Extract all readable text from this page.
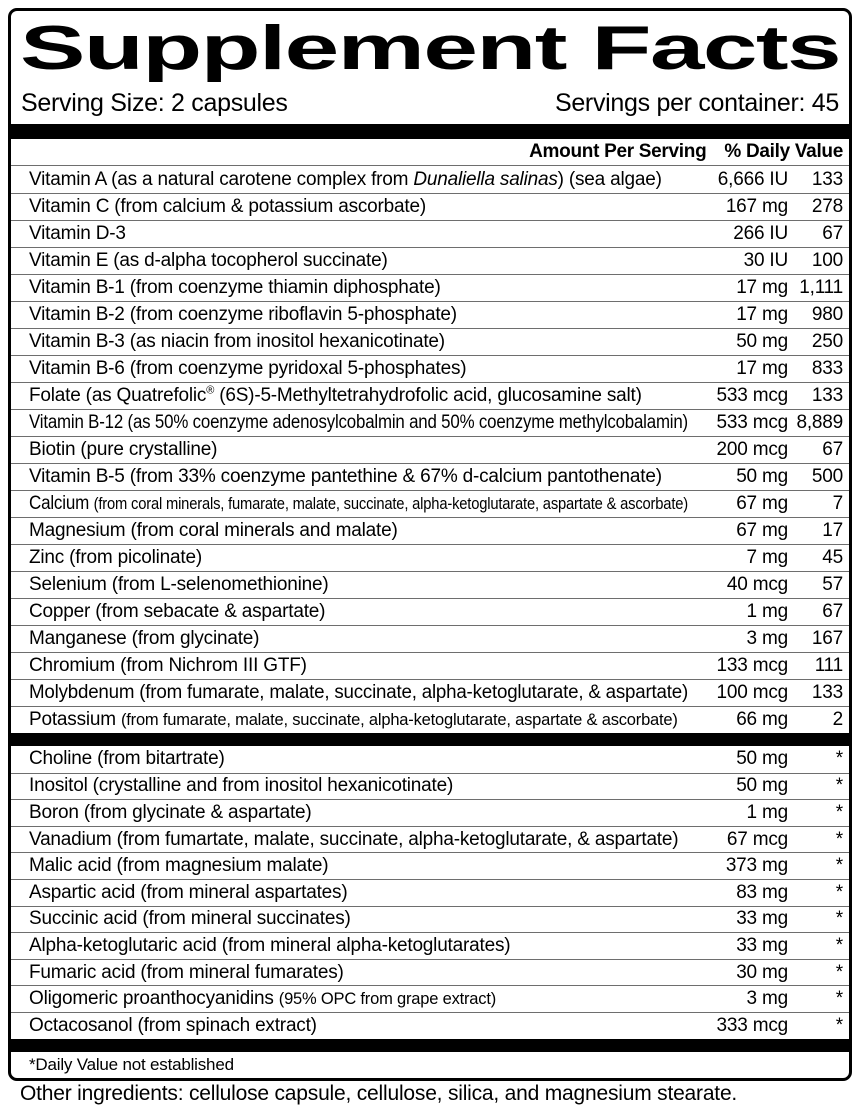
Supplement Facts
Serving Size: 2 capsules	Servings per container: 45
Amount Per Serving % Daily Value
Vitamin A (as a natural carotene complex from Dunaliella salinas) (sea algae)	6,666 IU	133
Vitamin C (from calcium & potassium ascorbate)	167 mg	278
Vitamin D-3	266 IU	67
Vitamin E (as d-alpha tocopherol succinate)	30 IU	100
Vitamin B-1 (from coenzyme thiamin diphosphate)	17 mg 1,111
Vitamin B-2 (from coenzyme riboflavin 5-phosphate)	17 mg	980
Vitamin B-3 (as niacin from inositol hexanicotinate)	50 mg	250
Vitamin B-6 (from coenzyme pyridoxal 5-phosphates)	17 mg	833
Folate (as Quatrefolic® (6S)-5-Methyltetrahydrofolic acid, glucosamine salt)	533 mcg	133
Vitamin B-12 (as 50% coenzyme adenosylcobalmin and 50% coenzyme methylcobalamin)	533 mcg 8,889
Biotin (pure crystalline)	200 mcg	67
Vitamin B-5 (from 33% coenzyme pantethine & 67% d-calcium pantothenate)	50 mg	500
Calcium (from coral minerals, fumarate, malate, succinate, alpha-ketoglutarate, aspartate & ascorbate)	67 mg	7
Magnesium (from coral minerals and malate)	67 mg	17
Zinc (from picolinate)	7 mg	45
Selenium (from L-selenomethionine)	40 mcg	57
Copper (from sebacate & aspartate)	1 mg	67
Manganese (from glycinate)	3 mg	167
Chromium (from Nichrom III GTF)	133 mcg	111
Molybdenum (from fumarate, malate, succinate, alpha-ketoglutarate, & aspartate)	100 mcg	133
Potassium (from fumarate, malate, succinate, alpha-ketoglutarate, aspartate & ascorbate)	66 mg	2
Choline (from bitartrate)	50 mg	*
Inositol (crystalline and from inositol hexanicotinate)	50 mg	*
Boron (from glycinate & aspartate)	1 mg	*
Vanadium (from fumartate, malate, succinate, alpha-ketoglutarate, & aspartate)	67 mcg	*
Malic acid (from magnesium malate)	373 mg	*
Aspartic acid (from mineral aspartates)	83 mg	*
Succinic acid (from mineral succinates)	33 mg	*
Alpha-ketoglutaric acid (from mineral alpha-ketoglutarates)	33 mg	*
Fumaric acid (from mineral fumarates)	30 mg	*
Oligomeric proanthocyanidins (95% OPC from grape extract)	3 mg	*
Octacosanol (from spinach extract)	333 mcg	*
*Daily Value not established
Other ingredients: cellulose capsule, cellulose, silica, and magnesium stearate.
